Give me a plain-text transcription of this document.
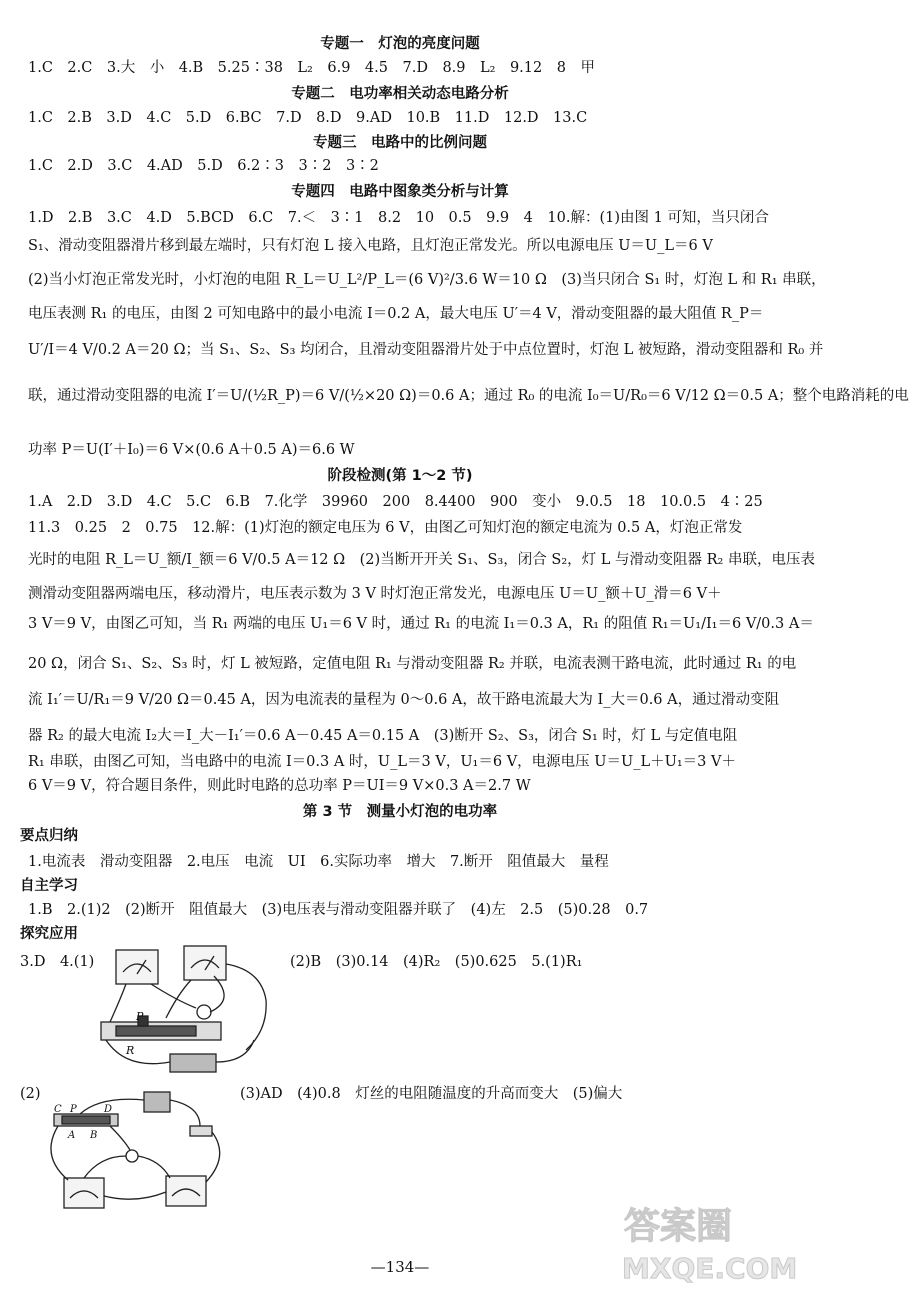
专题一　灯泡的亮度问题
1.C　2.C　3.大　小　4.B　5.25∶38　L₂　6.9　4.5　7.D　8.9　L₂　9.12　8　甲
专题二　电功率相关动态电路分析
1.C　2.B　3.D　4.C　5.D　6.BC　7.D　8.D　9.AD　10.B　11.D　12.D　13.C
专题三　电路中的比例问题
1.C　2.D　3.C　4.AD　5.D　6.2∶3　3∶2　3∶2
专题四　电路中图象类分析与计算
1.D　2.B　3.C　4.D　5.BCD　6.C　7.＜　3∶1　8.2　10　0.5　9.9　4　10.解：(1)由图 1 可知，当只闭合
S₁、滑动变阻器滑片移到最左端时，只有灯泡 L 接入电路，且灯泡正常发光。所以电源电压 U＝U_L＝6 V
(2)当小灯泡正常发光时，小灯泡的电阻 R_L＝U_L²/P_L＝(6 V)²/3.6 W＝10 Ω　(3)当只闭合 S₁ 时，灯泡 L 和 R₁ 串联，
电压表测 R₁ 的电压，由图 2 可知电路中的最小电流 I＝0.2 A，最大电压 U′＝4 V，滑动变阻器的最大阻值 R_P＝
U′/I＝4 V/0.2 A＝20 Ω；当 S₁、S₂、S₃ 均闭合，且滑动变阻器滑片处于中点位置时，灯泡 L 被短路，滑动变阻器和 R₀ 并
联，通过滑动变阻器的电流 I′＝U/(½R_P)＝6 V/(½×20 Ω)＝0.6 A；通过 R₀ 的电流 I₀＝U/R₀＝6 V/12 Ω＝0.5 A；整个电路消耗的电
功率 P＝U(I′＋I₀)＝6 V×(0.6 A＋0.5 A)＝6.6 W
阶段检测(第 1～2 节)
1.A　2.D　3.D　4.C　5.C　6.B　7.化学　39960　200　8.4400　900　变小　9.0.5　18　10.0.5　4∶25
11.3　0.25　2　0.75　12.解：(1)灯泡的额定电压为 6 V，由图乙可知灯泡的额定电流为 0.5 A，灯泡正常发
光时的电阻 R_L＝U_额/I_额＝6 V/0.5 A＝12 Ω　(2)当断开开关 S₁、S₃，闭合 S₂，灯 L 与滑动变阻器 R₂ 串联，电压表
测滑动变阻器两端电压，移动滑片，电压表示数为 3 V 时灯泡正常发光，电源电压 U＝U_额＋U_滑＝6 V＋
3 V＝9 V，由图乙可知，当 R₁ 两端的电压 U₁＝6 V 时，通过 R₁ 的电流 I₁＝0.3 A，R₁ 的阻值 R₁＝U₁/I₁＝6 V/0.3 A＝
20 Ω，闭合 S₁、S₂、S₃ 时，灯 L 被短路，定值电阻 R₁ 与滑动变阻器 R₂ 并联，电流表测干路电流，此时通过 R₁ 的电
流 I₁′＝U/R₁＝9 V/20 Ω＝0.45 A，因为电流表的量程为 0～0.6 A，故干路电流最大为 I_大＝0.6 A，通过滑动变阻
器 R₂ 的最大电流 I₂大＝I_大－I₁′＝0.6 A－0.45 A＝0.15 A　(3)断开 S₂、S₃，闭合 S₁ 时，灯 L 与定值电阻
R₁ 串联，由图乙可知，当电路中的电流 I＝0.3 A 时，U_L＝3 V，U₁＝6 V，电源电压 U＝U_L＋U₁＝3 V＋
6 V＝9 V，符合题目条件，则此时电路的总功率 P＝UI＝9 V×0.3 A＝2.7 W
第 3 节　测量小灯泡的电功率
要点归纳
1.电流表　滑动变阻器　2.电压　电流　UI　6.实际功率　增大　7.断开　阻值最大　量程
自主学习
1.B　2.(1)2　(2)断开　阻值最大　(3)电压表与滑动变阻器并联了　(4)左　2.5　(5)0.28　0.7
探究应用
3.D　4.(1)	(2)B　(3)0.14　(4)R₂　(5)0.625　5.(1)R₁
P
R
(2)	(3)AD　(4)0.8　灯丝的电阻随温度的升高而变大　(5)偏大
C P	D
A B
—134—
答案圈
MXQE.COM
